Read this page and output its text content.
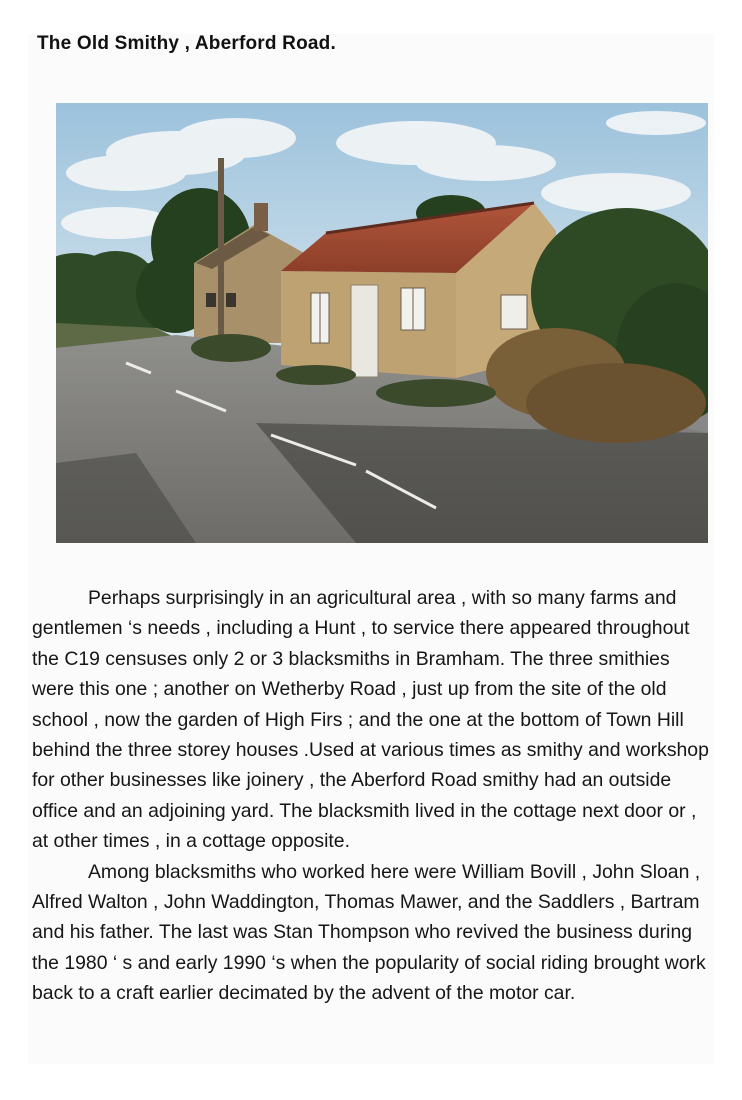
The Old Smithy , Aberford Road.

Perhaps surprisingly in an agricultural area , with so many farms and gentlemen ‘s needs , including a Hunt , to service there appeared throughout the C19 censuses only 2 or 3 blacksmiths in Bramham. The three smithies were this one ; another on Wetherby Road , just up from the site of the old school , now the garden of High Firs ; and the one at the bottom of Town Hill behind the three storey houses .Used at various times as smithy and workshop for other businesses like joinery , the Aberford Road smithy had an outside office and an adjoining yard. The blacksmith lived in the cottage next door or , at other times , in a cottage opposite.

Among blacksmiths who worked here were William Bovill , John Sloan , Alfred Walton , John Waddington, Thomas Mawer, and the Saddlers , Bartram and his father. The last was Stan Thompson who revived the business during the 1980 ‘ s and early 1990 ‘s when the popularity of social riding brought work back to a craft earlier decimated by the advent of the motor car.
